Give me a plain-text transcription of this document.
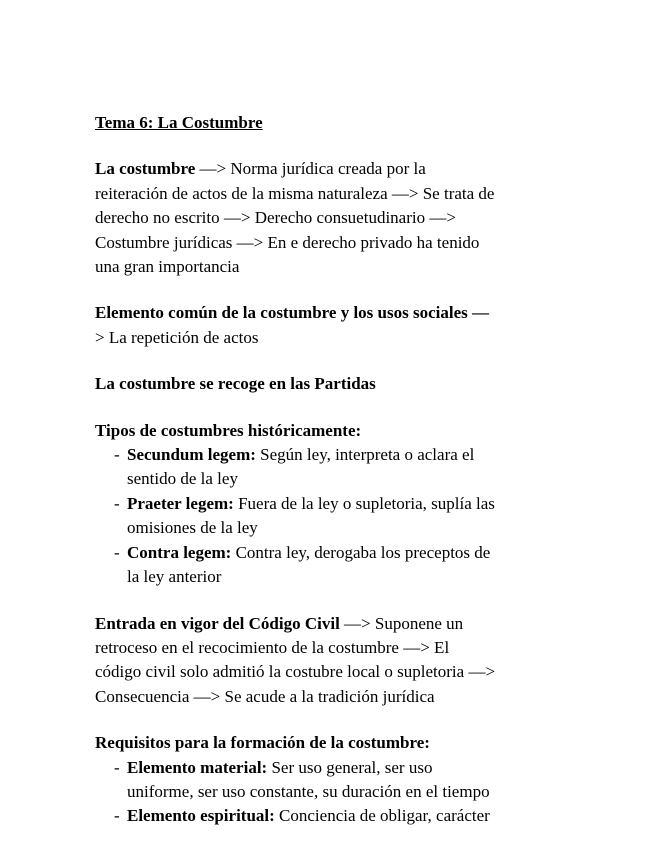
Tema 6: La Costumbre

La costumbre —> Norma jurídica creada por la

reiteración de actos de la misma naturaleza —> Se trata de

derecho no escrito —> Derecho consuetudinario —>

Costumbre jurídicas —> En e derecho privado ha tenido

una gran importancia

Elemento común de la costumbre y los usos sociales —

> La repetición de actos

La costumbre se recoge en las Partidas

Tipos de costumbres históricamente:

- Secundum legem: Según ley, interpreta o aclara el
sentido de la ley
- Praeter legem: Fuera de la ley o supletoria, suplía las
omisiones de la ley
- Contra legem: Contra ley, derogaba los preceptos de
la ley anterior

Entrada en vigor del Código Civil —> Suponene un

retroceso en el recocimiento de la costumbre —> El

código civil solo admitió la costubre local o supletoria —>

Consecuencia —> Se acude a la tradición jurídica

Requisitos para la formación de la costumbre:

- Elemento material: Ser uso general, ser uso
uniforme, ser uso constante, su duración en el tiempo
- Elemento espiritual: Conciencia de obligar, carácter
